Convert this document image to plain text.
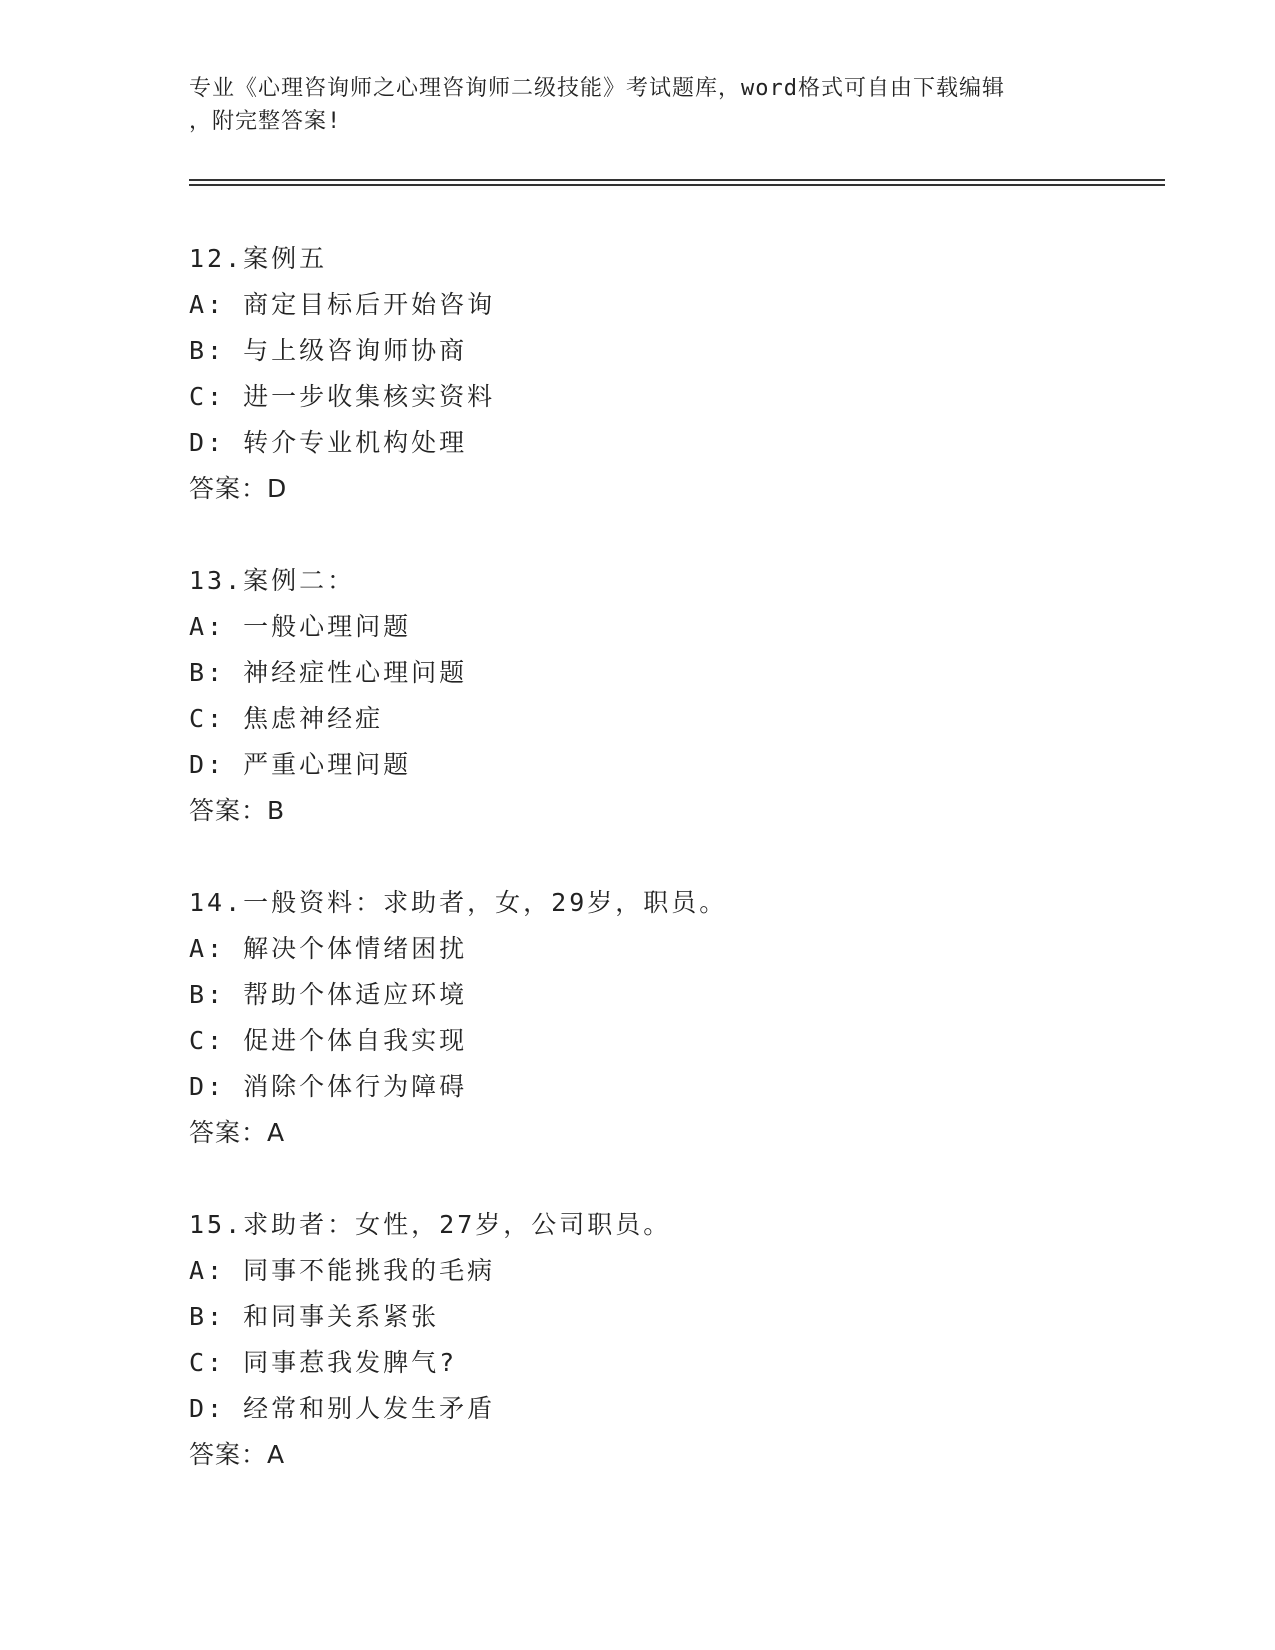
专业《心理咨询师之心理咨询师二级技能》考试题库，word格式可自由下载编辑
，附完整答案!
12.案例五
A: 商定目标后开始咨询
B: 与上级咨询师协商
C: 进一步收集核实资料
D: 转介专业机构处理
答案：D
13.案例二：
A: 一般心理问题
B: 神经症性心理问题
C: 焦虑神经症
D: 严重心理问题
答案：B
14.一般资料：求助者，女，29岁，职员。
A: 解决个体情绪困扰
B: 帮助个体适应环境
C: 促进个体自我实现
D: 消除个体行为障碍
答案：A
15.求助者：女性，27岁，公司职员。
A: 同事不能挑我的毛病
B: 和同事关系紧张
C: 同事惹我发脾气?
D: 经常和别人发生矛盾
答案：A
